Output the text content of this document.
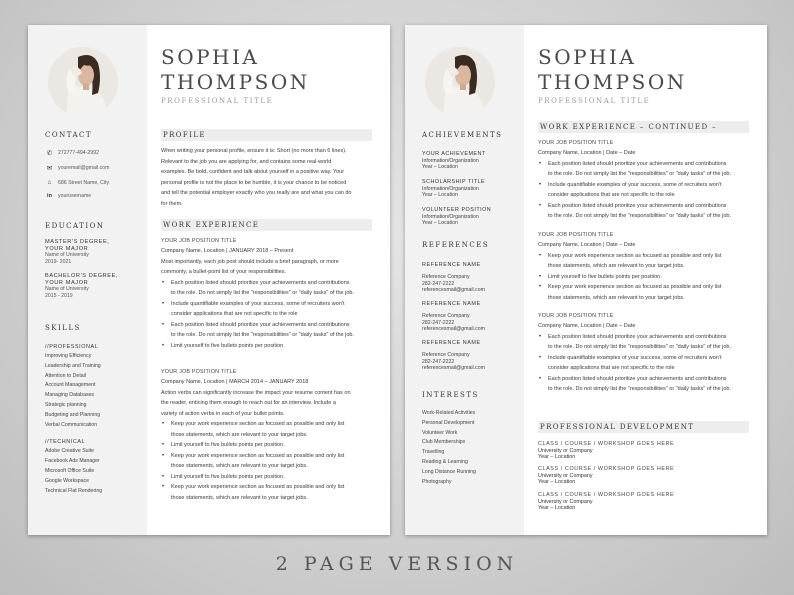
CONTACT
✆	272777-494-2992
✉	youremail@gmail.com
⌂	686 Street Name, City
in	yourusername
EDUCATION
MASTER'S DEGREE,
YOUR MAJOR
Name of University
2019- 2021
BACHELOR'S DEGREE,
YOUR MAJOR
Name of University
2015 - 2019
SKILLS
//PROFESSIONAL
Improving Efficiency
Leadership and Training
Attention to Detail
Account Management
Managing Databases
Strategic planning
Budgeting and Planning
Verbal Communication
//TECHNICAL
Adobe Creative Suite
Facebook Ads Manager
Microsoft Office Suite
Google Workspace
Technical Flat Rendering
SOPHIA
THOMPSON
PROFESSIONAL TITLE
PROFILE
When writing your personal profile, ensure it is: Short (no more than 6 lines).
Relevant to the job you are applying for, and contains some real-world
examples. Be bold, confident and talk about yourself in a positive way. Your
personal profile is not the place to be humble, it is your chance to be noticed
and tell the potential employer exactly who you really are and what you can do
for them.
WORK EXPERIENCE
YOUR JOB POSITION TITLE
Company Name, Location | JANUARY 2018 – Present
Most importantly, each job post should include a brief paragraph, or more
commonly, a bullet-point list of your responsibilities.
• Each position listed should prioritize your achievements and contributions
to the role. Do not simply list the "responsibilities" or "daily tasks" of the job.
• Include quantifiable examples of your success, some of recruiters won't
consider applications that are not specific to the role
• Each position listed should prioritize your achievements and contributions
to the role. Do not simply list the "responsibilities" or "daily tasks" of the job.
• Limit yourself to five bullets points per position.
YOUR JOB POSITION TITLE
Company Name, Location | MARCH 2014 – JANUARY 2018
Action verbs can significantly increase the impact your resume content has on
the reader, enticing them enough to reach out for an interview. Include a
variety of action verbs in each of your bullet points.
• Keep your work experience section as focused as possible and only list
those statements, which are relevant to your target jobs.
• Limit yourself to five bullets points per position.
• Keep your work experience section as focused as possible and only list
those statements, which are relevant to your target jobs.
• Limit yourself to five bullets points per position.
• Keep your work experience section as focused as possible and only list
those statements, which are relevant to your target jobs.
ACHIEVEMENTS
YOUR ACHIEVEMENT
Information/Organization
Year – Location
SCHOLARSHIP TITLE
Information/Organization
Year – Location
VOLUNTEER POSITION
Information/Organization
Year – Location
REFERENCES
REFERENCE NAME
Reference Company
282-247-2222
referencesmail@gmail.com
REFERENCE NAME
Reference Company
282-247-2222
referencesmail@gmail.com
REFERENCE NAME
Reference Company
282-247-2222
referencesmail@gmail.com
INTERESTS
Work-Related Activities
Personal Development
Volunteer Work
Club Memberships
Travelling
Reading & Learning
Long Distance Running
Photography
SOPHIA
THOMPSON
PROFESSIONAL TITLE
WORK EXPERIENCE – CONTINUED –
YOUR JOB POSITION TITLE
Company Name, Location | Date – Date
• Each position listed should prioritize your achievements and contributions
to the role. Do not simply list the "responsibilities" or "daily tasks" of the job.
• Include quantifiable examples of your success, some of recruiters won't
consider applications that are not specific to the role
• Each position listed should prioritize your achievements and contributions
to the role. Do not simply list the "responsibilities" or "daily tasks" of the job.
YOUR JOB POSITION TITLE
Company Name, Location | Date – Date
• Keep your work experience section as focused as possible and only list
those statements, which are relevant to your target jobs.
• Limit yourself to five bullets points per position.
• Keep your work experience section as focused as possible and only list
those statements, which are relevant to your target jobs.
YOUR JOB POSITION TITLE
Company Name, Location | Date – Date
• Each position listed should prioritize your achievements and contributions
to the role. Do not simply list the "responsibilities" or "daily tasks" of the job.
• Include quantifiable examples of your success, some of recruiters won't
consider applications that are not specific to the role
• Each position listed should prioritize your achievements and contributions
to the role. Do not simply list the "responsibilities" or "daily tasks" of the job.
PROFESSIONAL DEVELOPMENT
CLASS / COURSE / WORKSHOP GOES HERE
University or Company
Year – Location
CLASS / COURSE / WORKSHOP GOES HERE
University or Company
Year – Location
CLASS / COURSE / WORKSHOP GOES HERE
University or Company
Year – Location
2 PAGE VERSION
